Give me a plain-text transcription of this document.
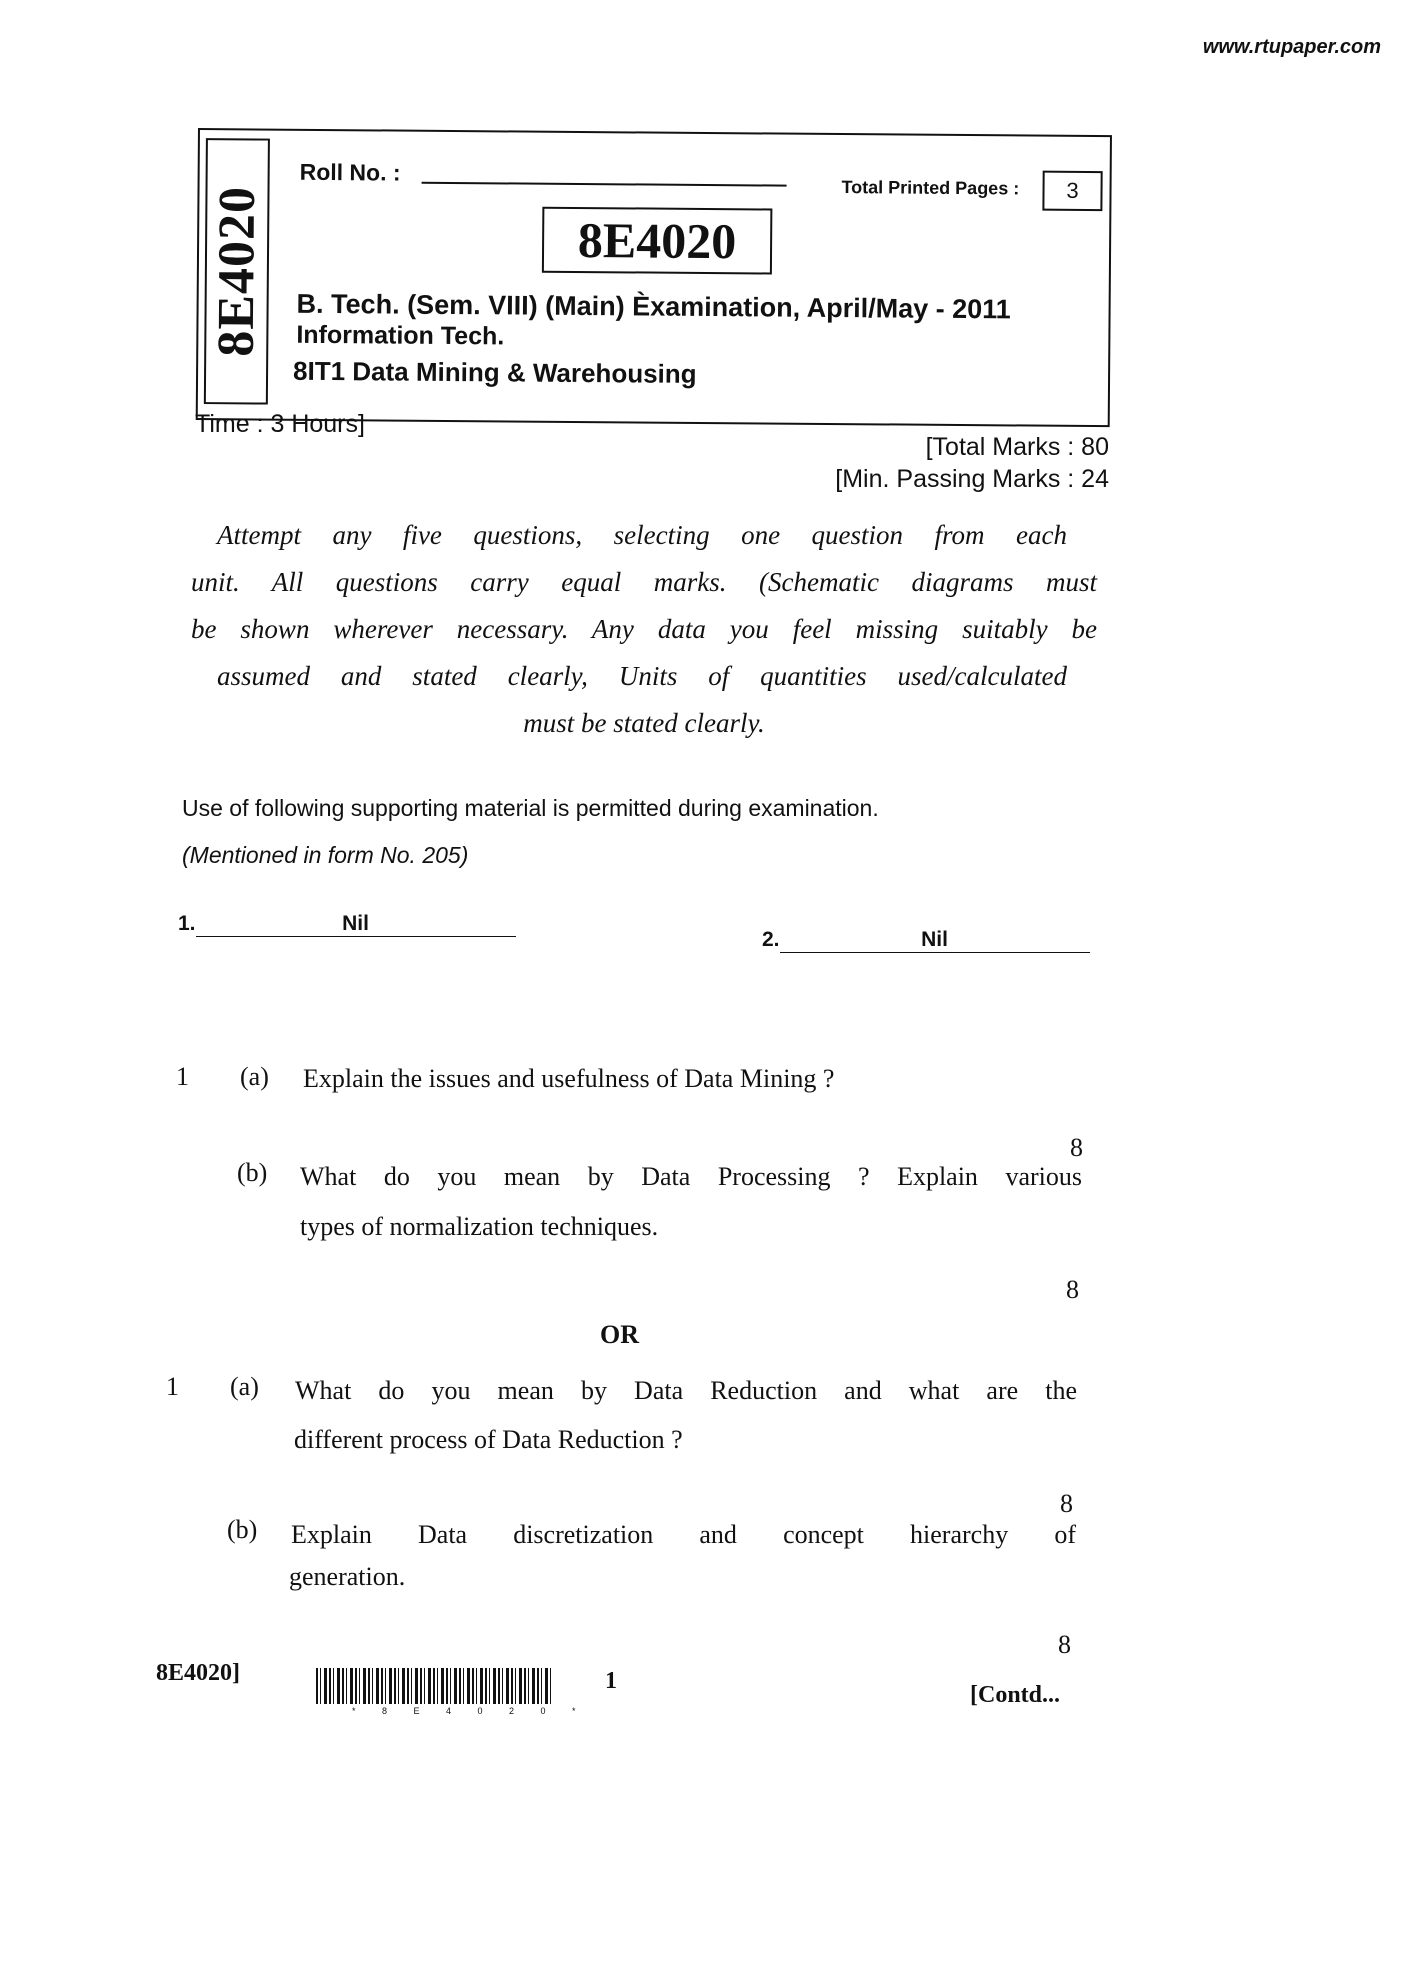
www.rtupaper.com
8E4020
Roll No. :
Total Printed Pages :	3
8E4020
B. Tech. (Sem. VIII) (Main) Èxamination, April/May - 2011
Information Tech.
8IT1 Data Mining & Warehousing
Time : 3 Hours]
[Total Marks : 80
[Min. Passing Marks : 24
Attempt any five questions, selecting one question from each
unit. All questions carry equal marks. (Schematic diagrams must
be shown wherever necessary. Any data you feel missing suitably be
assumed and stated clearly, Units of quantities used/calculated
must be stated clearly.
Use of following supporting material is permitted during examination.
(Mentioned in form No. 205)
1.	Nil
2.	Nil
1 (a) Explain the issues and usefulness of Data Mining ?
8
(b) What do you mean by Data Processing ? Explain various
types of normalization techniques.
8
OR
1 (a) What do you mean by Data Reduction and what are the
different process of Data Reduction ?
8
(b) Explain Data discretization and concept hierarchy of
generation.
8
8E4020]
* 8 E 4 0 2 0 *
1
[Contd...
